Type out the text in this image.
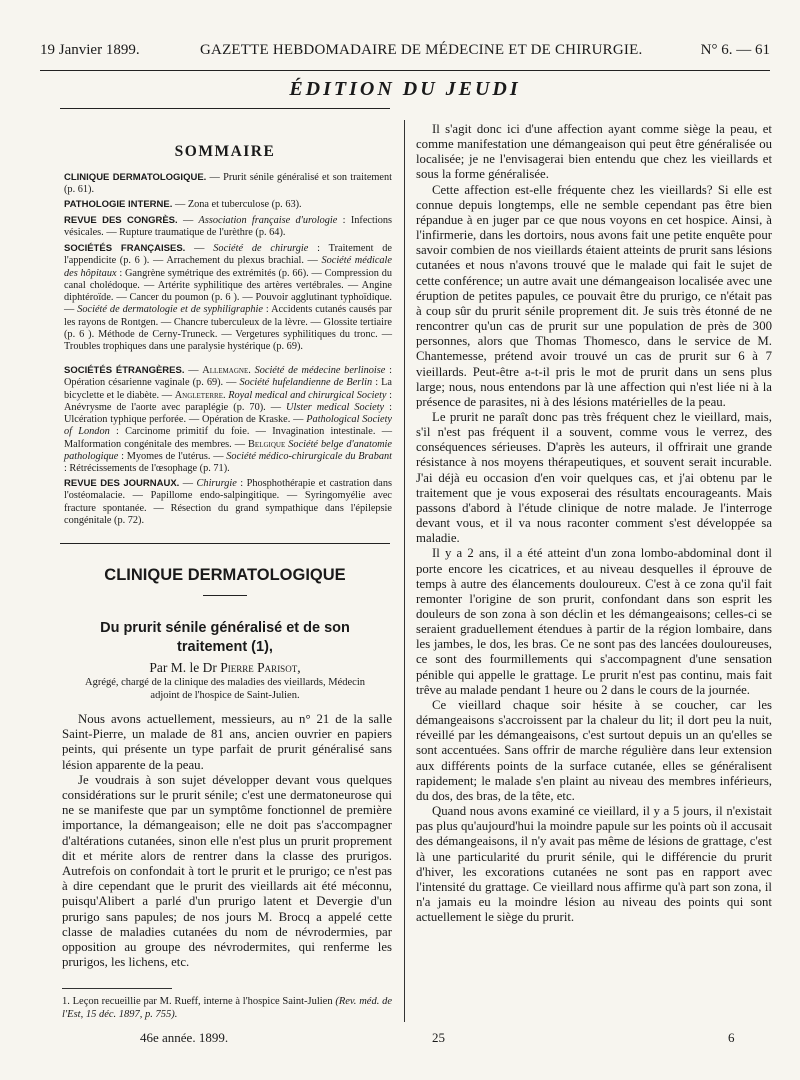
19 Janvier 1899.	GAZETTE HEBDOMADAIRE DE MÉDECINE ET DE CHIRURGIE.	N° 6. — 61
ÉDITION DU JEUDI
SOMMAIRE
CLINIQUE DERMATOLOGIQUE. — Prurit sénile généralisé et son traitement (p. 61).
PATHOLOGIE INTERNE. — Zona et tuberculose (p. 63).
REVUE DES CONGRÈS. — Association française d'urologie : Infections vésicales. — Rupture traumatique de l'urèthre (p. 64).
SOCIÉTÉS FRANÇAISES. — Société de chirurgie : Traitement de l'appendicite (p. 6 ). — Arrachement du plexus brachial. — Société médicale des hôpitaux : Gangrène symétrique des extrémités (p. 66). — Compression du canal cholédoque. — Artérite syphilitique des artères vertébrales. — Angine diphtéroïde. — Cancer du poumon (p. 6 ). — Pouvoir agglutinant typhoïdique. — Société de dermatologie et de syphiligraphie : Accidents cutanés causés par les rayons de Rontgen. — Chancre tuberculeux de la lèvre. — Glossite tertiaire (p. 6 ). Méthode de Cerny-Truneck. — Vergetures syphilitiques du tronc. — Troubles trophiques dans une paralysie hystérique (p. 69).
SOCIÉTÉS ÉTRANGÈRES. — Allemagne. Société de médecine berlinoise : Opération césarienne vaginale (p. 69). — Société hufelandienne de Berlin : La bicyclette et le diabète. — Angleterre. Royal medical and chirurgical Society : Anévrysme de l'aorte avec paraplégie (p. 70). — Ulster medical Society : Ulcération typhique perforée. — Opération de Kraske. — Pathological Society of London : Carcinome primitif du foie. — Invagination intestinale. — Malformation congénitale des membres. — Belgique Société belge d'anatomie pathologique : Myomes de l'utérus. — Société médico-chirurgicale du Brabant : Rétrécissements de l'œsophage (p. 71).
REVUE DES JOURNAUX. — Chirurgie : Phosphothérapie et castration dans l'ostéomalacie. — Papillome endo-salpingitique. — Syringomyélie avec fracture spontanée. — Résection du grand sympathique dans l'épilepsie congénitale (p. 72).
CLINIQUE DERMATOLOGIQUE
Du prurit sénile généralisé et de son traitement (1),
Par M. le Dr Pierre Parisot,
Agrégé, chargé de la clinique des maladies des vieillards, Médecin adjoint de l'hospice de Saint-Julien.

Nous avons actuellement, messieurs, au n° 21 de la salle Saint-Pierre, un malade de 81 ans, ancien ouvrier en papiers peints, qui présente un type parfait de prurit généralisé sans lésion apparente de la peau.

Je voudrais à son sujet développer devant vous quelques considérations sur le prurit sénile; c'est une dermatoneurose qui ne se manifeste que par un symptôme fonctionnel de première importance, la démangeaison; elle ne doit pas s'accompagner d'altérations cutanées, sinon elle n'est plus un prurit proprement dit et mérite alors de rentrer dans la classe des prurigos. Autrefois on confondait à tort le prurit et le prurigo; ce n'est pas à dire cependant que le prurit des vieillards ait été méconnu, puisqu'Alibert a parlé d'un prurigo latent et Devergie d'un prurigo sans papules; de nos jours M. Brocq a appelé cette classe de maladies cutanées du nom de névrodermies, par opposition au groupe des névrodermites, qui renferme les prurigos, les lichens, etc.

1. Leçon recueillie par M. Rueff, interne à l'hospice Saint-Julien (Rev. méd. de l'Est, 15 déc. 1897, p. 755).

Il s'agit donc ici d'une affection ayant comme siège la peau, et comme manifestation une démangeaison qui peut être généralisée ou localisée; je ne l'envisagerai bien entendu que chez les vieillards et sous la forme généralisée.

Cette affection est-elle fréquente chez les vieillards? Si elle est connue depuis longtemps, elle ne semble cependant pas être bien répandue à en juger par ce que nous voyons en cet hospice. Ainsi, à l'infirmerie, dans les dortoirs, nous avons fait une petite enquête pour savoir combien de nos vieillards étaient atteints de prurit sans lésions cutanées et nous n'avons trouvé que le malade qui fait le sujet de cette conférence; un autre avait une démangeaison localisée avec une éruption de petites papules, ce pouvait être du prurigo, ce n'était pas à coup sûr du prurit sénile proprement dit. Je suis très étonné de ne rencontrer qu'un cas de prurit sur une population de près de 300 personnes, alors que Thomas Thomesco, dans le service de M. Chantemesse, prétend avoir trouvé un cas de prurit sur 6 à 7 vieillards. Peut-être a-t-il pris le mot de prurit dans un sens plus large; nous, nous entendons par là une affection qui n'est liée ni à la présence de parasites, ni à des lésions matérielles de la peau.

Le prurit ne paraît donc pas très fréquent chez le vieillard, mais, s'il n'est pas fréquent il a souvent, comme vous le verrez, des conséquences sérieuses. D'après les auteurs, il offrirait une grande résistance à nos moyens thérapeutiques, et souvent serait incurable. J'ai déjà eu occasion d'en voir quelques cas, et j'ai obtenu par le traitement que je vous exposerai des résultats encourageants. Mais passons d'abord à l'étude clinique de notre malade. Je l'interroge devant vous, et il va nous raconter comment s'est développée sa maladie.

Il y a 2 ans, il a été atteint d'un zona lombo-abdominal dont il porte encore les cicatrices, et au niveau desquelles il éprouve de temps à autre des élancements douloureux. C'est à ce zona qu'il fait remonter l'origine de son prurit, confondant dans son esprit les douleurs de son zona à son déclin et les démangeaisons; celles-ci se seraient graduellement étendues à partir de la région lombaire, dans les jambes, le dos, les bras. Ce ne sont pas des lancées douloureuses, ce sont des fourmillements qui s'accompagnent d'une sensation pénible qui appelle le grattage. Le prurit n'est pas continu, mais fait trêve au malade pendant 1 heure ou 2 dans le cours de la journée.

Ce vieillard chaque soir hésite à se coucher, car les démangeaisons s'accroissent par la chaleur du lit; il dort peu la nuit, réveillé par les démangeaisons, c'est surtout depuis un an qu'elles se sont accentuées. Sans offrir de marche régulière dans leur extension aux différents points de la surface cutanée, elles se généralisent rapidement; le malade s'en plaint au niveau des membres inférieurs, du dos, des bras, de la tête, etc.

Quand nous avons examiné ce vieillard, il y a 5 jours, il n'existait pas plus qu'aujourd'hui la moindre papule sur les points où il accusait des démangeaisons, il n'y avait pas même de lésions de grattage, c'est là une particularité du prurit sénile, qui le différencie du prurit d'hiver, les excorations cutanées ne sont pas en rapport avec l'intensité du grattage. Ce vieillard nous affirme qu'à part son zona, il n'a jamais eu la moindre lésion au niveau des points qui sont actuellement le siège du prurit.

46e année. 1899.	25	6
